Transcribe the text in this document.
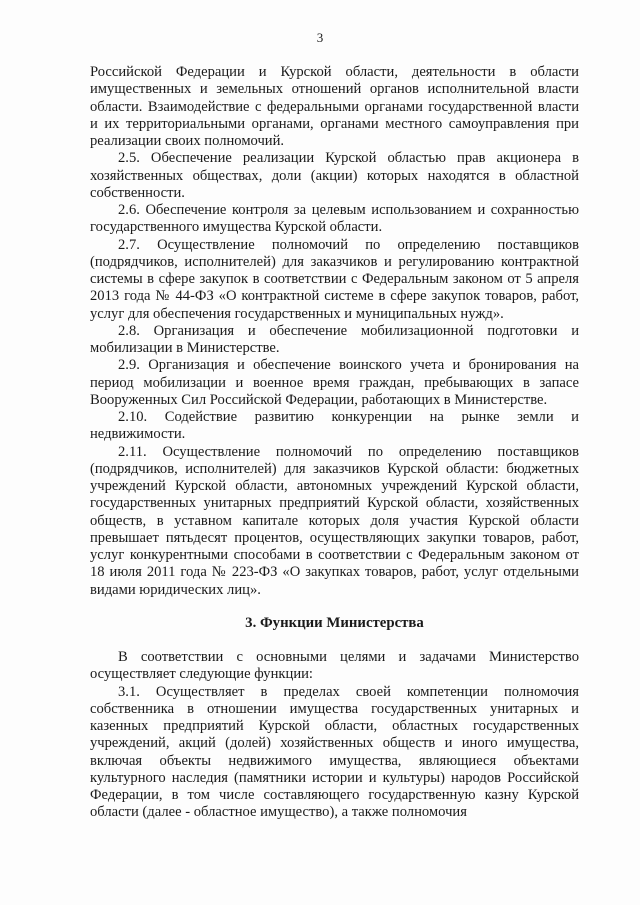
3

Российской Федерации и Курской области, деятельности в области имущественных и земельных отношений органов исполнительной власти области. Взаимодействие с федеральными органами государственной власти и их территориальными органами, органами местного самоуправления при реализации своих полномочий.

2.5. Обеспечение реализации Курской областью прав акционера в хозяйственных обществах, доли (акции) которых находятся в областной собственности.

2.6. Обеспечение контроля за целевым использованием и сохранностью государственного имущества Курской области.

2.7. Осуществление полномочий по определению поставщиков (подрядчиков, исполнителей) для заказчиков и регулированию контрактной системы в сфере закупок в соответствии с Федеральным законом от 5 апреля 2013 года № 44-ФЗ «О контрактной системе в сфере закупок товаров, работ, услуг для обеспечения государственных и муниципальных нужд».

2.8. Организация и обеспечение мобилизационной подготовки и мобилизации в Министерстве.

2.9. Организация и обеспечение воинского учета и бронирования на период мобилизации и военное время граждан, пребывающих в запасе Вооруженных Сил Российской Федерации, работающих в Министерстве.

2.10. Содействие развитию конкуренции на рынке земли и недвижимости.

2.11. Осуществление полномочий по определению поставщиков (подрядчиков, исполнителей) для заказчиков Курской области: бюджетных учреждений Курской области, автономных учреждений Курской области, государственных унитарных предприятий Курской области, хозяйственных обществ, в уставном капитале которых доля участия Курской области превышает пятьдесят процентов, осуществляющих закупки товаров, работ, услуг конкурентными способами в соответствии с Федеральным законом от 18 июля 2011 года № 223-ФЗ «О закупках товаров, работ, услуг отдельными видами юридических лиц».

3. Функции Министерства

В соответствии с основными целями и задачами Министерство осуществляет следующие функции:

3.1. Осуществляет в пределах своей компетенции полномочия собственника в отношении имущества государственных унитарных и казенных предприятий Курской области, областных государственных учреждений, акций (долей) хозяйственных обществ и иного имущества, включая объекты недвижимого имущества, являющиеся объектами культурного наследия (памятники истории и культуры) народов Российской Федерации, в том числе составляющего государственную казну Курской области (далее - областное имущество), а также полномочия
